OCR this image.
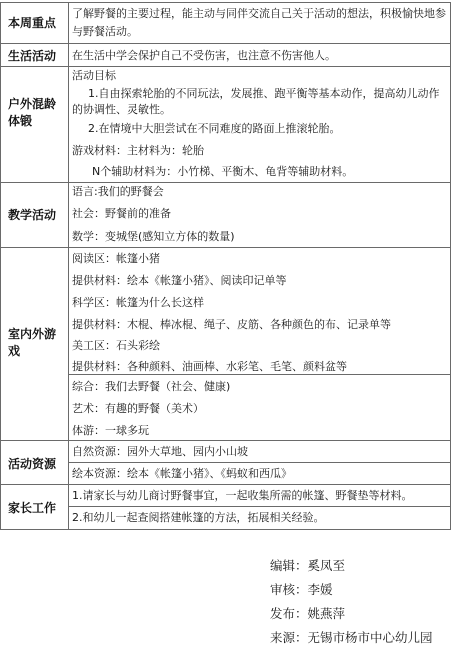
本周重点
了解野餐的主要过程，能主动与同伴交流自己关于活动的想法，积极愉快地参与野餐活动。
生活活动 在生活中学会保护自己不受伤害，也注意不伤害他人。
户外混龄体锻
活动目标
1.自由探索轮胎的不同玩法，发展推、跑平衡等基本动作，提高幼儿动作的协调性、灵敏性。
2.在情境中大胆尝试在不同难度的路面上推滚轮胎。
游戏材料：主材料为：轮胎
N个辅助材料为：小竹梯、平衡木、龟背等辅助材料。
教学活动
语言:我们的野餐会
社会：野餐前的准备
数学：变城堡(感知立方体的数量)
室内外游戏
阅读区：帐篷小猪
提供材料：绘本《帐篷小猪》、阅读印记单等
科学区：帐篷为什么长这样
提供材料：木棍、棒冰棍、绳子、皮筋、各种颜色的布、记录单等
美工区：石头彩绘
提供材料：各种颜料、油画棒、水彩笔、毛笔、颜料盆等
综合：我们去野餐（社会、健康)
艺术：有趣的野餐（美术）
体游：一球多玩
活动资源
自然资源：园外大草地、园内小山坡
绘本资源：绘本《帐篷小猪》、《蚂蚁和西瓜》
家长工作
1.请家长与幼儿商讨野餐事宜，一起收集所需的帐篷、野餐垫等材料。
2.和幼儿一起查阅搭建帐篷的方法，拓展相关经验。
编辑：奚凤至
审核：李媛
发布：姚燕萍
来源：无锡市杨市中心幼儿园
